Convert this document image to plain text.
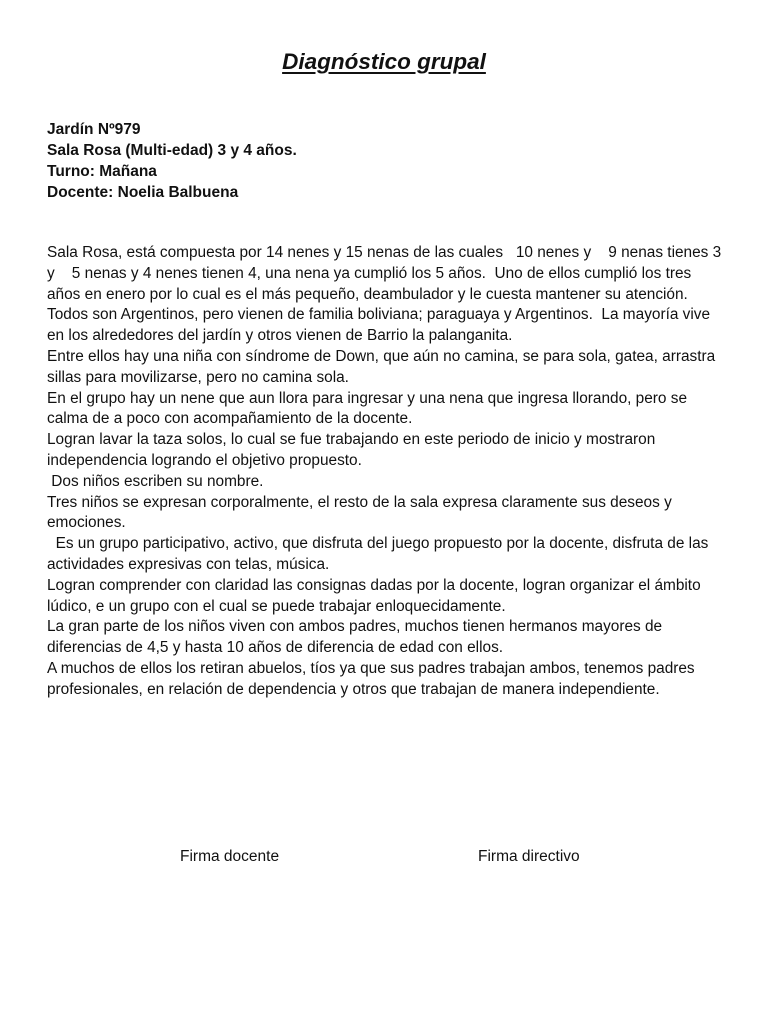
Diagnóstico grupal
Jardín Nº979
Sala Rosa (Multi-edad) 3 y 4 años.
Turno: Mañana
Docente: Noelia Balbuena

Sala Rosa, está compuesta por 14 nenes y 15 nenas de las cuales   10 nenes y    9 nenas tienes 3 y    5 nenas y 4 nenes tienen 4, una nena ya cumplió los 5 años.  Uno de ellos cumplió los tres años en enero por lo cual es el más pequeño, deambulador y le cuesta mantener su atención.

Todos son Argentinos, pero vienen de familia boliviana; paraguaya y Argentinos.  La mayoría vive en los alrededores del jardín y otros vienen de Barrio la palanganita.

Entre ellos hay una niña con síndrome de Down, que aún no camina, se para sola, gatea, arrastra sillas para movilizarse, pero no camina sola.

En el grupo hay un nene que aun llora para ingresar y una nena que ingresa llorando, pero se calma de a poco con acompañamiento de la docente.

Logran lavar la taza solos, lo cual se fue trabajando en este periodo de inicio y mostraron independencia logrando el objetivo propuesto.

Dos niños escriben su nombre.

Tres niños se expresan corporalmente, el resto de la sala expresa claramente sus deseos y emociones.

Es un grupo participativo, activo, que disfruta del juego propuesto por la docente, disfruta de las actividades expresivas con telas, música.

Logran comprender con claridad las consignas dadas por la docente, logran organizar el ámbito lúdico, e un grupo con el cual se puede trabajar enloquecidamente.

La gran parte de los niños viven con ambos padres, muchos tienen hermanos mayores de diferencias de 4,5 y hasta 10 años de diferencia de edad con ellos.

A muchos de ellos los retiran abuelos, tíos ya que sus padres trabajan ambos, tenemos padres profesionales, en relación de dependencia y otros que trabajan de manera independiente.

Firma docente	Firma directivo
